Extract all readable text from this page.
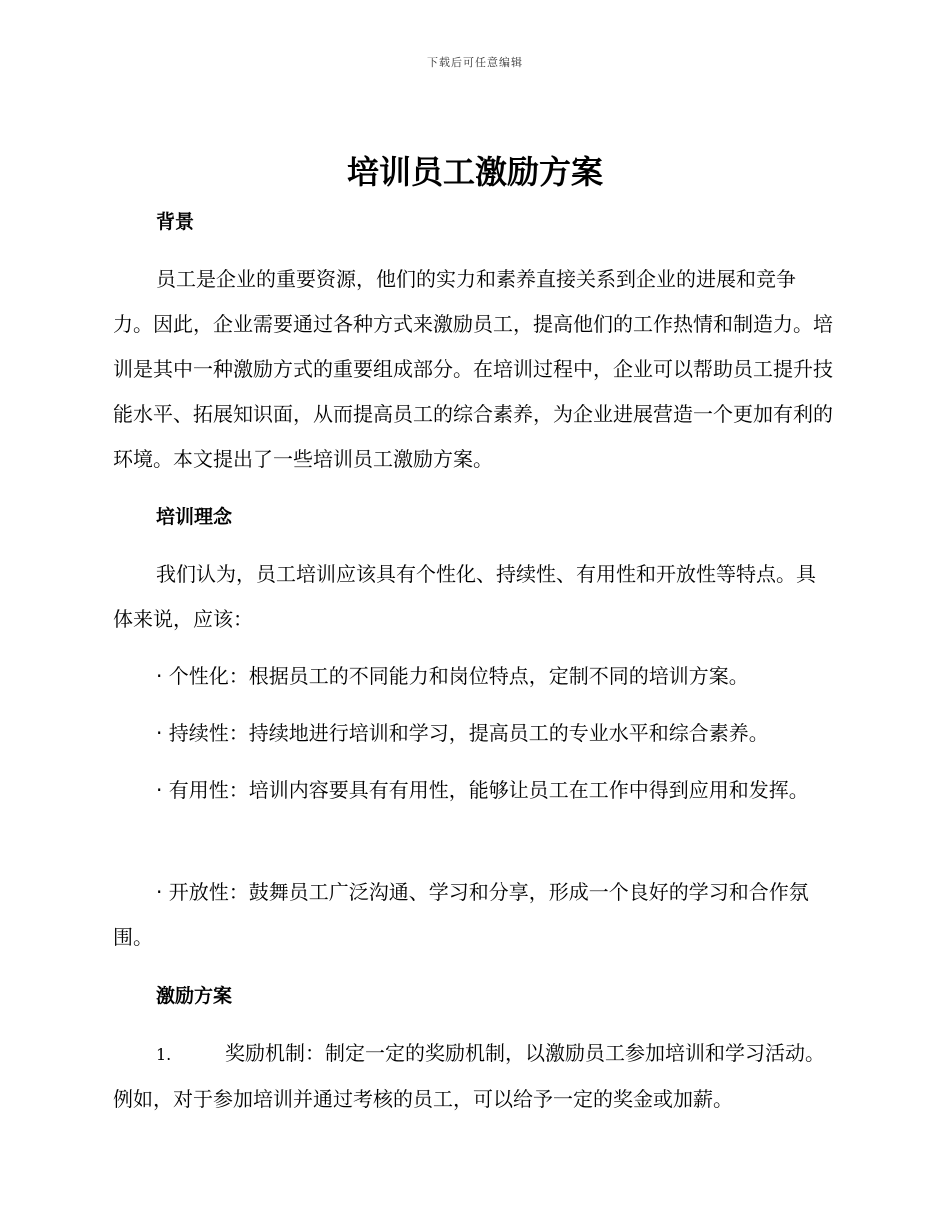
下载后可任意编辑
培训员工激励方案
背景

员工是企业的重要资源，他们的实力和素养直接关系到企业的进展和竞争力。因此，企业需要通过各种方式来激励员工，提高他们的工作热情和制造力。培训是其中一种激励方式的重要组成部分。在培训过程中，企业可以帮助员工提升技能水平、拓展知识面，从而提高员工的综合素养，为企业进展营造一个更加有利的环境。本文提出了一些培训员工激励方案。

培训理念

我们认为，员工培训应该具有个性化、持续性、有用性和开放性等特点。具体来说，应该：

· 个性化：根据员工的不同能力和岗位特点，定制不同的培训方案。

· 持续性：持续地进行培训和学习，提高员工的专业水平和综合素养。

· 有用性：培训内容要具有有用性，能够让员工在工作中得到应用和发挥。

· 开放性：鼓舞员工广泛沟通、学习和分享，形成一个良好的学习和合作氛围。

激励方案

1.	奖励机制：制定一定的奖励机制，以激励员工参加培训和学习活动。例如，对于参加培训并通过考核的员工，可以给予一定的奖金或加薪。
